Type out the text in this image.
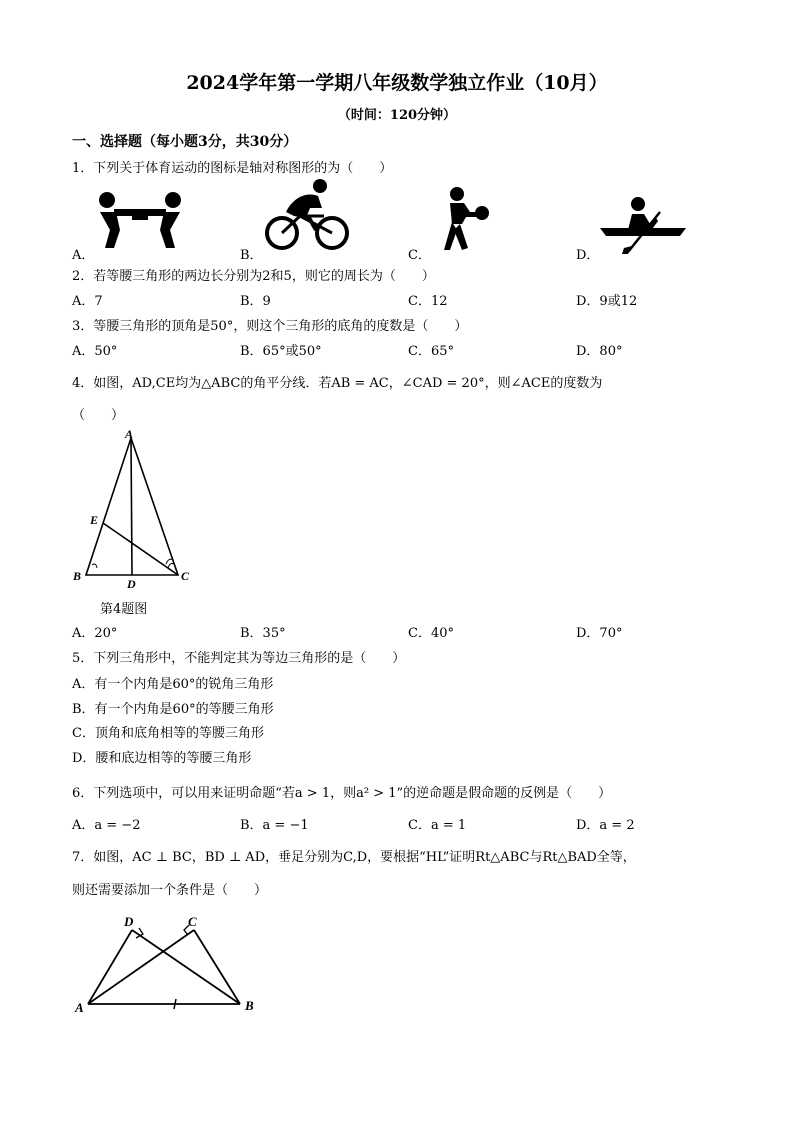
2024学年第一学期八年级数学独立作业（10月）
（时间：120分钟）
一、选择题（每小题3分，共30分）
1．下列关于体育运动的图标是轴对称图形的为（　　）
A．	B．	C．	D．
2．若等腰三角形的两边长分别为2和5，则它的周长为（　　）
A．7	B．9	C．12	D．9或12
3．等腰三角形的顶角是50°，则这个三角形的底角的度数是（　　）
A．50°	B．65°或50°	C．65°	D．80°
4．如图，AD,CE均为△ABC的角平分线．若AB = AC，∠CAD = 20°，则∠ACE的度数为
（　　）
A
E
B
D
C
第4题图
A．20°	B．35°	C．40°	D．70°
5．下列三角形中，不能判定其为等边三角形的是（　　）
A．有一个内角是60°的锐角三角形
B．有一个内角是60°的等腰三角形
C．顶角和底角相等的等腰三角形
D．腰和底边相等的等腰三角形
6．下列选项中，可以用来证明命题“若a > 1，则a² > 1”的逆命题是假命题的反例是（　　）
A．a = −2	B．a = −1	C．a = 1	D．a = 2
7．如图，AC ⊥ BC，BD ⊥ AD，垂足分别为C,D，要根据“HL”证明Rt△ABC与Rt△BAD全等，
则还需要添加一个条件是（　　）
D	C
A	B
